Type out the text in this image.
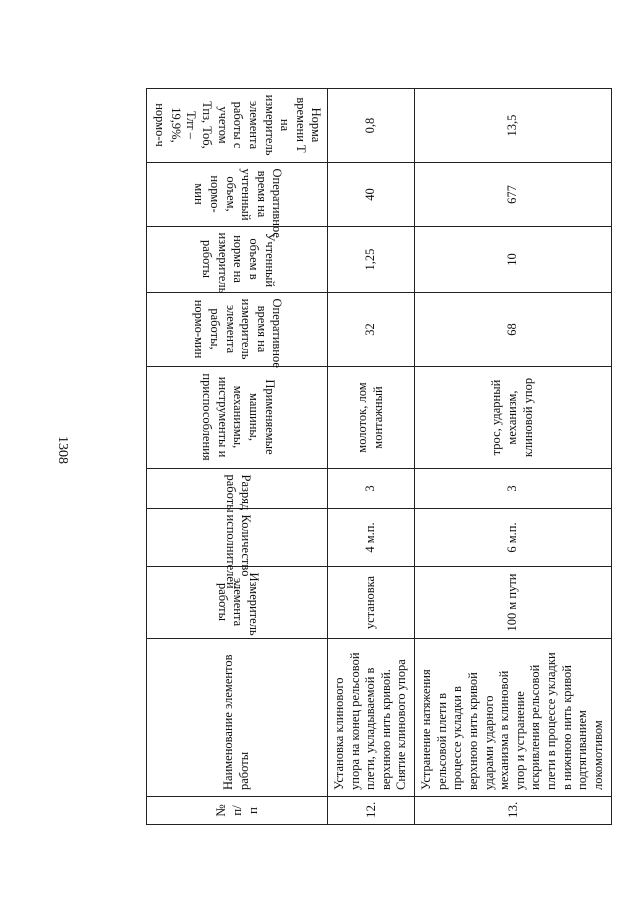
1308
№ п/п	Наименование элементов работы	Измеритель элемента работы	Количество исполнителей	Разряд работы	Применяемые машины, механизмы, инструменты и приспособления	Оперативное время на измеритель элемента работы, нормо-мин	Учтенный объем в норме на измеритель работы	Оперативное время на учтенный объем, нормо-мин	Норма времени Т на измеритель элемента работы с учетом Тпз, Тоб, Тлт – 19,9%, нормо-ч
12.	Установка клинового упора на конец рельсовой плети, укладываемой в верхнюю нить кривой. Снятие клинового упора	установка	4 м.п.	3	молоток, лом монтажный	32	1,25	40	0,8
13.	Устранение натяжения рельсовой плети в процессе укладки в верхнюю нить кривой ударами ударного механизма в клиновой упор и устранение искривления рельсовой плети в процессе укладки в нижнюю нить кривой подтягиванием локомотивом	100 м пути	6 м.п.	3	трос, ударный механизм, клиновой упор	68	10	677	13,5
